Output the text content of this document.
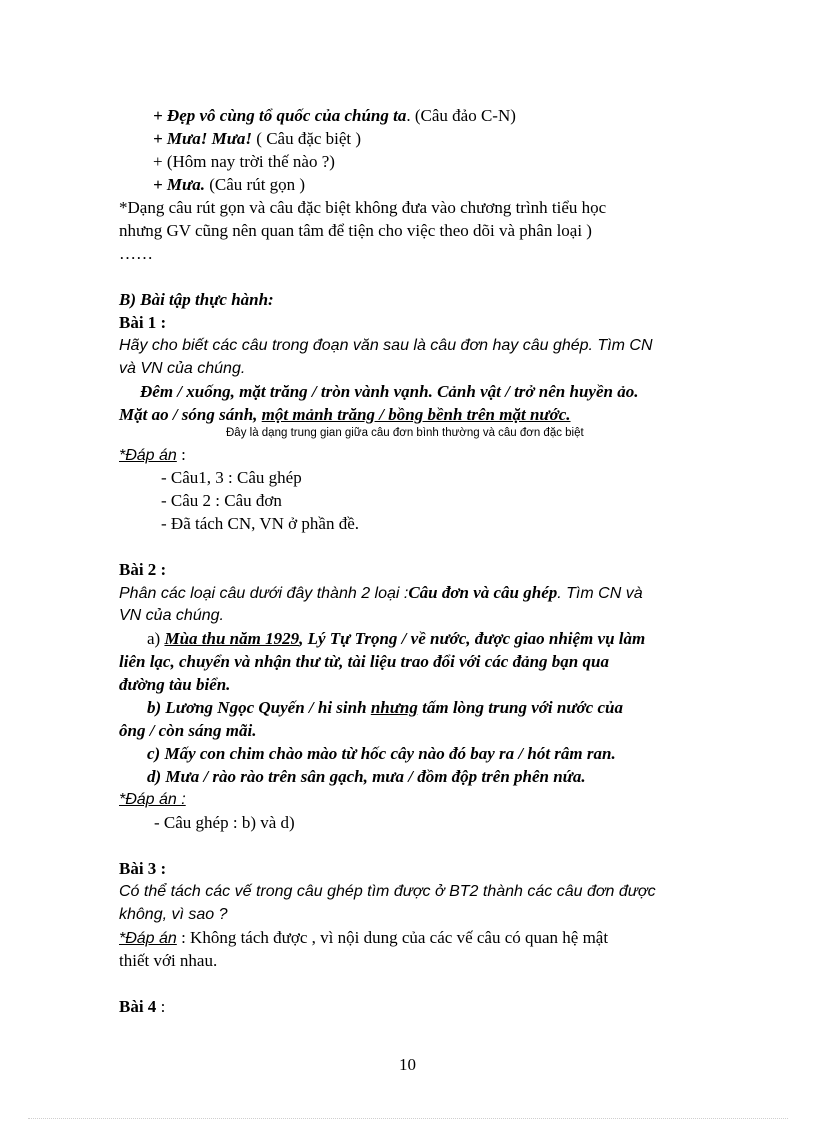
+ Đẹp vô cùng tổ quốc của chúng ta. (Câu đảo C-N)
+ Mưa! Mưa! ( Câu đặc biệt )
+ (Hôm nay trời thế nào ?)
+ Mưa. (Câu rút gọn )
*Dạng câu rút gọn và câu đặc biệt không đưa vào chương trình tiểu học
nhưng GV cũng nên quan tâm để tiện cho việc theo dõi và phân loại )
……
B) Bài tập thực hành:
Bài 1 :
Hãy cho biết các câu trong đoạn văn sau là câu đơn hay câu ghép. Tìm CN
và VN của chúng.
Đêm / xuống, mặt trăng / tròn vành vạnh. Cảnh vật / trở nên huyền ảo.
Mặt ao / sóng sánh, một mảnh trăng / bồng bềnh trên mặt nước.
Đây là dạng trung gian giữa câu đơn bình thường và câu đơn đặc biệt
*Đáp án :
- Câu1, 3 : Câu ghép
- Câu 2 : Câu đơn
- Đã tách CN, VN ở phần đề.
Bài 2 :
Phân các loại câu dưới đây thành 2 loại :Câu đơn và câu ghép. Tìm CN và
VN của chúng.
a) Mùa thu năm 1929, Lý Tự Trọng / về nước, được giao nhiệm vụ làm
liên lạc, chuyển và nhận thư từ, tài liệu trao đổi với các đảng bạn qua
đường tàu biển.
b) Lương Ngọc Quyến / hi sinh nhưng tấm lòng trung với nước của
ông / còn sáng mãi.
c) Mấy con chim chào mào từ hốc cây nào đó bay ra / hót râm ran.
d) Mưa / rào rào trên sân gạch, mưa / đồm độp trên phên nứa.
*Đáp án :
- Câu ghép : b) và d)
Bài 3 :
Có thể tách các vế trong câu ghép tìm được ở BT2 thành các câu đơn được
không, vì sao ?
*Đáp án : Không tách được , vì nội dung của các vế câu có quan hệ mật
thiết với nhau.
Bài 4 :
10
